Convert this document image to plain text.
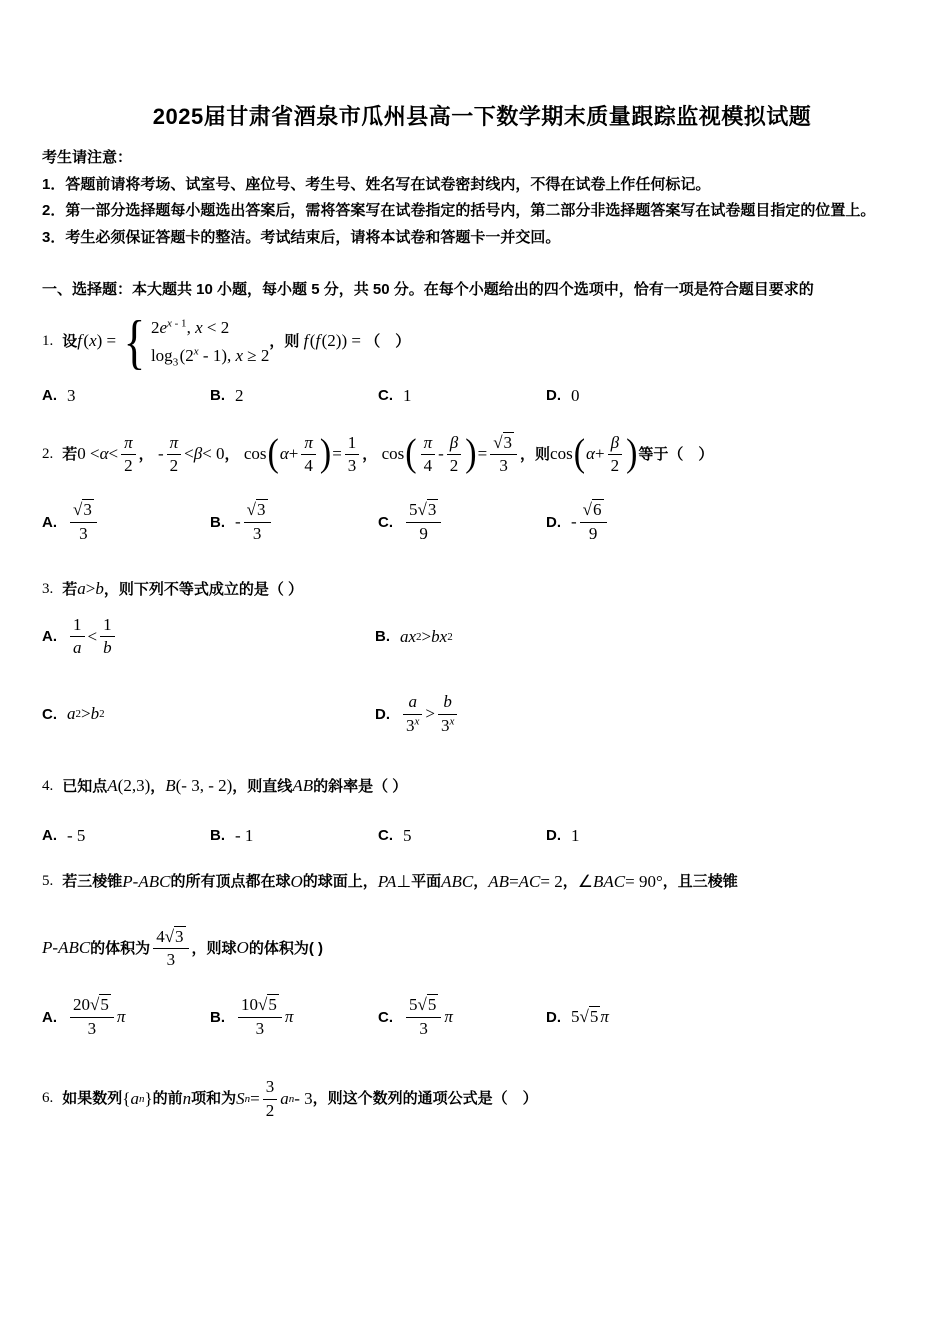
2025届甘肃省酒泉市瓜州县高一下数学期末质量跟踪监视模拟试题

考生请注意：

1．答题前请将考场、试室号、座位号、考生号、姓名写在试卷密封线内，不得在试卷上作任何标记。

2．第一部分选择题每小题选出答案后，需将答案写在试卷指定的括号内，第二部分非选择题答案写在试卷题目指定的位置上。

3．考生必须保证答题卡的整洁。考试结束后，请将本试卷和答题卡一并交回。

一、选择题：本大题共 10 小题，每小题 5 分，共 50 分。在每个小题给出的四个选项中，恰有一项是符合题目要求的

1. 设 f  ( x ) = { $2e^{x - 1}$, x < 2
$\log_3$ (2$^x$ - 1), x ≥ 2
，则
f  ( f  (2)) = （ ）
A. 3	B. 2	C. 1	D. 0
2. 若 0 < α <
π
2
， -
π
2
< β < 0 ， cos ( α +
π
4 ) =
1
3
， cos ( π
4
-
β
2 ) =
√3
3
，则 cos ( α +
β
2 ) 等于（ ）
A.
√3
3
B. -
√3
3
C.
5√3
9
D. -
√6
9
3. 若 a > b ，则下列不等式成立的是（ ）
A.
1
a
<
1
b
B. ax 2 > bx 2
C. a 2 > b 2	D.
a
$3^x$ >
b
3$^x$
4. 已知点 A (2,3) ， B (- 3, - 2) ，则直线 AB 的斜率是（ ）
A. - 5	B. - 1	C. 5	D. 1
5. 若三棱锥 P - ABC 的所有顶点都在球 O 的球面上， PA ⊥ 平面 ABC ， AB = AC = 2 ， ∠ BAC = 90° ，且三棱锥
P - ABC 的体积为
4√3
3
，则球 O 的体积为( )
A.
20√5
3
π	B.
10√5
3
π	C.
5√5
3
π	D. 5 √5 π
6. 如果数列 { a n } 的前 n 项和为 S n =
3
2
a n - 3 ，则这个数列的通项公式是（ ）
